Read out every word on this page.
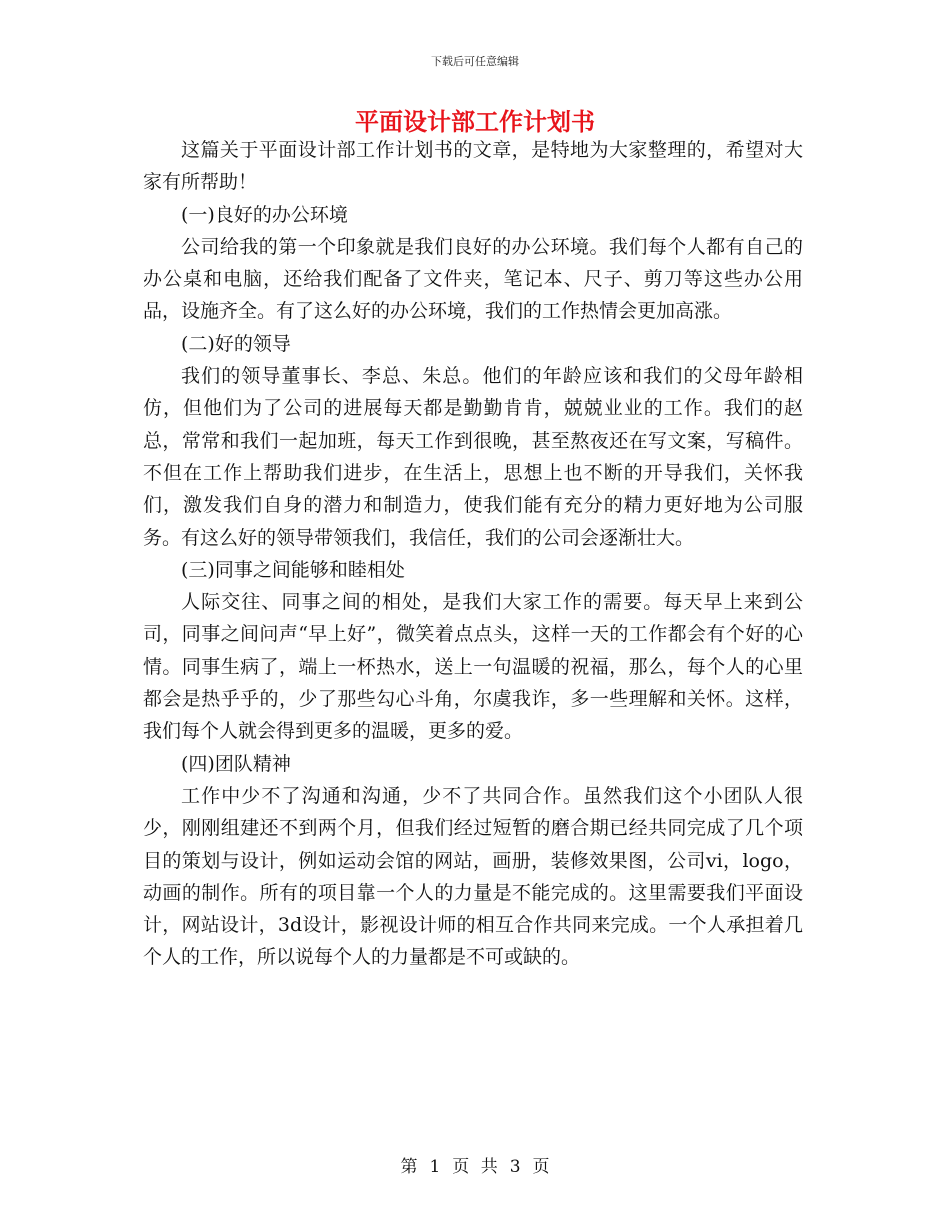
下载后可任意编辑
平面设计部工作计划书

这篇关于平面设计部工作计划书的文章，是特地为大家整理的，希望对大家有所帮助！

(一)良好的办公环境

公司给我的第一个印象就是我们良好的办公环境。我们每个人都有自己的办公桌和电脑，还给我们配备了文件夹，笔记本、尺子、剪刀等这些办公用品，设施齐全。有了这么好的办公环境，我们的工作热情会更加高涨。

(二)好的领导

我们的领导董事长、李总、朱总。他们的年龄应该和我们的父母年龄相仿，但他们为了公司的进展每天都是勤勤肯肯，兢兢业业的工作。我们的赵总，常常和我们一起加班，每天工作到很晚，甚至熬夜还在写文案，写稿件。不但在工作上帮助我们进步，在生活上，思想上也不断的开导我们，关怀我们，激发我们自身的潜力和制造力，使我们能有充分的精力更好地为公司服务。有这么好的领导带领我们，我信任，我们的公司会逐渐壮大。

(三)同事之间能够和睦相处

人际交往、同事之间的相处，是我们大家工作的需要。每天早上来到公司，同事之间问声“早上好”，微笑着点点头，这样一天的工作都会有个好的心情。同事生病了，端上一杯热水，送上一句温暖的祝福，那么，每个人的心里都会是热乎乎的，少了那些勾心斗角，尔虞我诈，多一些理解和关怀。这样，我们每个人就会得到更多的温暖，更多的爱。

(四)团队精神

工作中少不了沟通和沟通，少不了共同合作。虽然我们这个小团队人很少，刚刚组建还不到两个月，但我们经过短暂的磨合期已经共同完成了几个项目的策划与设计，例如运动会馆的网站，画册，装修效果图，公司vi，logo，动画的制作。所有的项目靠一个人的力量是不能完成的。这里需要我们平面设计，网站设计，3d设计，影视设计师的相互合作共同来完成。一个人承担着几个人的工作，所以说每个人的力量都是不可或缺的。

第 1 页 共 3 页
